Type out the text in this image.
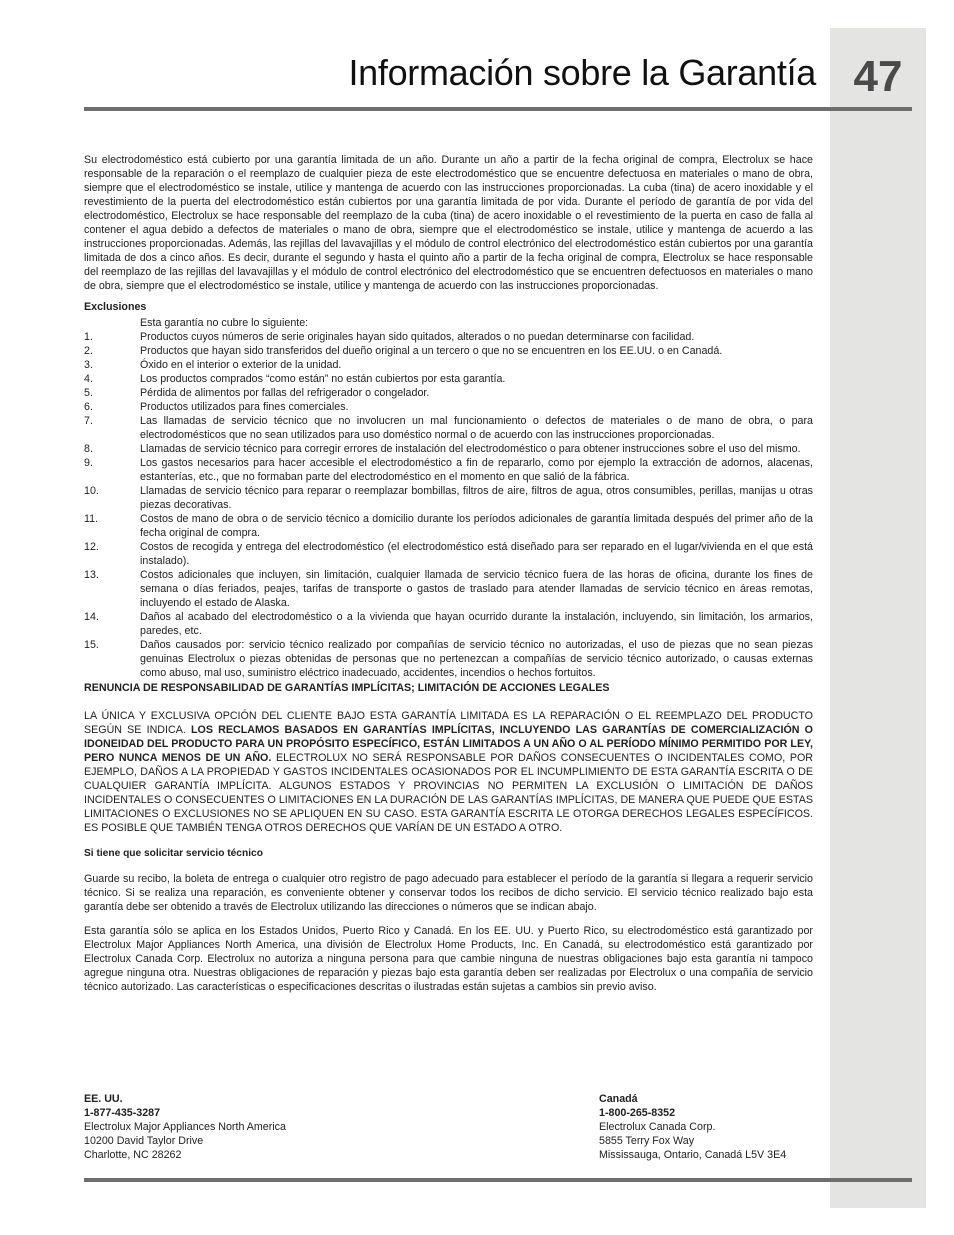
47
Información sobre la Garantía

Su electrodoméstico está cubierto por una garantía limitada de un año. Durante un año a partir de la fecha original de compra, Electrolux se hace responsable de la reparación o el reemplazo de cualquier pieza de este electrodoméstico que se encuentre defectuosa en materiales o mano de obra, siempre que el electrodoméstico se instale, utilice y mantenga de acuerdo con las instrucciones proporcionadas. La cuba (tina) de acero inoxidable y el revestimiento de la puerta del electrodoméstico están cubiertos por una garantía limitada de por vida. Durante el período de garantía de por vida del electrodoméstico, Electrolux se hace responsable del reemplazo de la cuba (tina) de acero inoxidable o el revestimiento de la puerta en caso de falla al contener el agua debido a defectos de materiales o mano de obra, siempre que el electrodoméstico se instale, utilice y mantenga de acuerdo a las instrucciones proporcionadas. Además, las rejillas del lavavajillas y el módulo de control electrónico del electrodoméstico están cubiertos por una garantía limitada de dos a cinco años. Es decir, durante el segundo y hasta el quinto año a partir de la fecha original de compra, Electrolux se hace responsable del reemplazo de las rejillas del lavavajillas y el módulo de control electrónico del electrodoméstico que se encuentren defectuosos en materiales o mano de obra, siempre que el electrodoméstico se instale, utilice y mantenga de acuerdo con las instrucciones proporcionadas.

Exclusiones

Esta garantía no cubre lo siguiente:

1.	Productos cuyos números de serie originales hayan sido quitados, alterados o no puedan determinarse con facilidad.
2.	Productos que hayan sido transferidos del dueño original a un tercero o que no se encuentren en los EE.UU. o en Canadá.
3.	Óxido en el interior o exterior de la unidad.
4.	Los productos comprados “como están” no están cubiertos por esta garantía.
5.	Pérdida de alimentos por fallas del refrigerador o congelador.
6.	Productos utilizados para fines comerciales.
7.	Las llamadas de servicio técnico que no involucren un mal funcionamiento o defectos de materiales o de mano de obra, o para electrodomésticos que no sean utilizados para uso doméstico normal o de acuerdo con las instrucciones proporcionadas.
8.	Llamadas de servicio técnico para corregir errores de instalación del electrodoméstico o para obtener instrucciones sobre el uso del mismo.
9.	Los gastos necesarios para hacer accesible el electrodoméstico a fin de repararlo, como por ejemplo la extracción de adornos, alacenas, estanterías, etc., que no formaban parte del electrodoméstico en el momento en que salió de la fábrica.
10.	Llamadas de servicio técnico para reparar o reemplazar bombillas, filtros de aire, filtros de agua, otros consumibles, perillas, manijas u otras piezas decorativas.
11.	Costos de mano de obra o de servicio técnico a domicilio durante los períodos adicionales de garantía limitada después del primer año de la fecha original de compra.
12.	Costos de recogida y entrega del electrodoméstico (el electrodoméstico está diseñado para ser reparado en el lugar/vivienda en el que está instalado).
13.	Costos adicionales que incluyen, sin limitación, cualquier llamada de servicio técnico fuera de las horas de oficina, durante los fines de semana o días feriados, peajes, tarifas de transporte o gastos de traslado para atender llamadas de servicio técnico en áreas remotas, incluyendo el estado de Alaska.
14.	Daños al acabado del electrodoméstico o a la vivienda que hayan ocurrido durante la instalación, incluyendo, sin limitación, los armarios, paredes, etc.
15.	Daños causados por: servicio técnico realizado por compañías de servicio técnico no autorizadas, el uso de piezas que no sean piezas genuinas Electrolux o piezas obtenidas de personas que no pertenezcan a compañías de servicio técnico autorizado, o causas externas como abuso, mal uso, suministro eléctrico inadecuado, accidentes, incendios o hechos fortuitos.
RENUNCIA DE RESPONSABILIDAD DE GARANTÍAS IMPLÍCITAS; LIMITACIÓN DE ACCIONES LEGALES

LA ÚNICA Y EXCLUSIVA OPCIÓN DEL CLIENTE BAJO ESTA GARANTÍA LIMITADA ES LA REPARACIÓN O EL REEMPLAZO DEL PRODUCTO SEGÚN SE INDICA. LOS RECLAMOS BASADOS EN GARANTÍAS IMPLÍCITAS, INCLUYENDO LAS GARANTÍAS DE COMERCIALIZACIÓN O IDONEIDAD DEL PRODUCTO PARA UN PROPÓSITO ESPECÍFICO, ESTÁN LIMITADOS A UN AÑO O AL PERÍODO MÍNIMO PERMITIDO POR LEY, PERO NUNCA MENOS DE UN AÑO. ELECTROLUX NO SERÁ RESPONSABLE POR DAÑOS CONSECUENTES O INCIDENTALES COMO, POR EJEMPLO, DAÑOS A LA PROPIEDAD Y GASTOS INCIDENTALES OCASIONADOS POR EL INCUMPLIMIENTO DE ESTA GARANTÍA ESCRITA O DE CUALQUIER GARANTÍA IMPLÍCITA. ALGUNOS ESTADOS Y PROVINCIAS NO PERMITEN LA EXCLUSIÓN O LIMITACIÓN DE DAÑOS INCIDENTALES O CONSECUENTES O LIMITACIONES EN LA DURACIÓN DE LAS GARANTÍAS IMPLÍCITAS, DE MANERA QUE PUEDE QUE ESTAS LIMITACIONES O EXCLUSIONES NO SE APLIQUEN EN SU CASO. ESTA GARANTÍA ESCRITA LE OTORGA DERECHOS LEGALES ESPECÍFICOS. ES POSIBLE QUE TAMBIÉN TENGA OTROS DERECHOS QUE VARÍAN DE UN ESTADO A OTRO.

Si tiene que solicitar servicio técnico

Guarde su recibo, la boleta de entrega o cualquier otro registro de pago adecuado para establecer el período de la garantía si llegara a requerir servicio técnico. Si se realiza una reparación, es conveniente obtener y conservar todos los recibos de dicho servicio. El servicio técnico realizado bajo esta garantía debe ser obtenido a través de Electrolux utilizando las direcciones o números que se indican abajo.

Esta garantía sólo se aplica en los Estados Unidos, Puerto Rico y Canadá. En los EE. UU. y Puerto Rico, su electrodoméstico está garantizado por Electrolux Major Appliances North America, una división de Electrolux Home Products, Inc. En Canadá, su electrodoméstico está garantizado por Electrolux Canada Corp. Electrolux no autoriza a ninguna persona para que cambie ninguna de nuestras obligaciones bajo esta garantía ni tampoco agregue ninguna otra. Nuestras obligaciones de reparación y piezas bajo esta garantía deben ser realizadas por Electrolux o una compañía de servicio técnico autorizado. Las características o especificaciones descritas o ilustradas están sujetas a cambios sin previo aviso.

EE. UU.
1-877-435-3287
Electrolux Major Appliances North America
10200 David Taylor Drive
Charlotte, NC 28262
Canadá
1-800-265-8352
Electrolux Canada Corp.
5855 Terry Fox Way
Mississauga, Ontario, Canadá L5V 3E4
